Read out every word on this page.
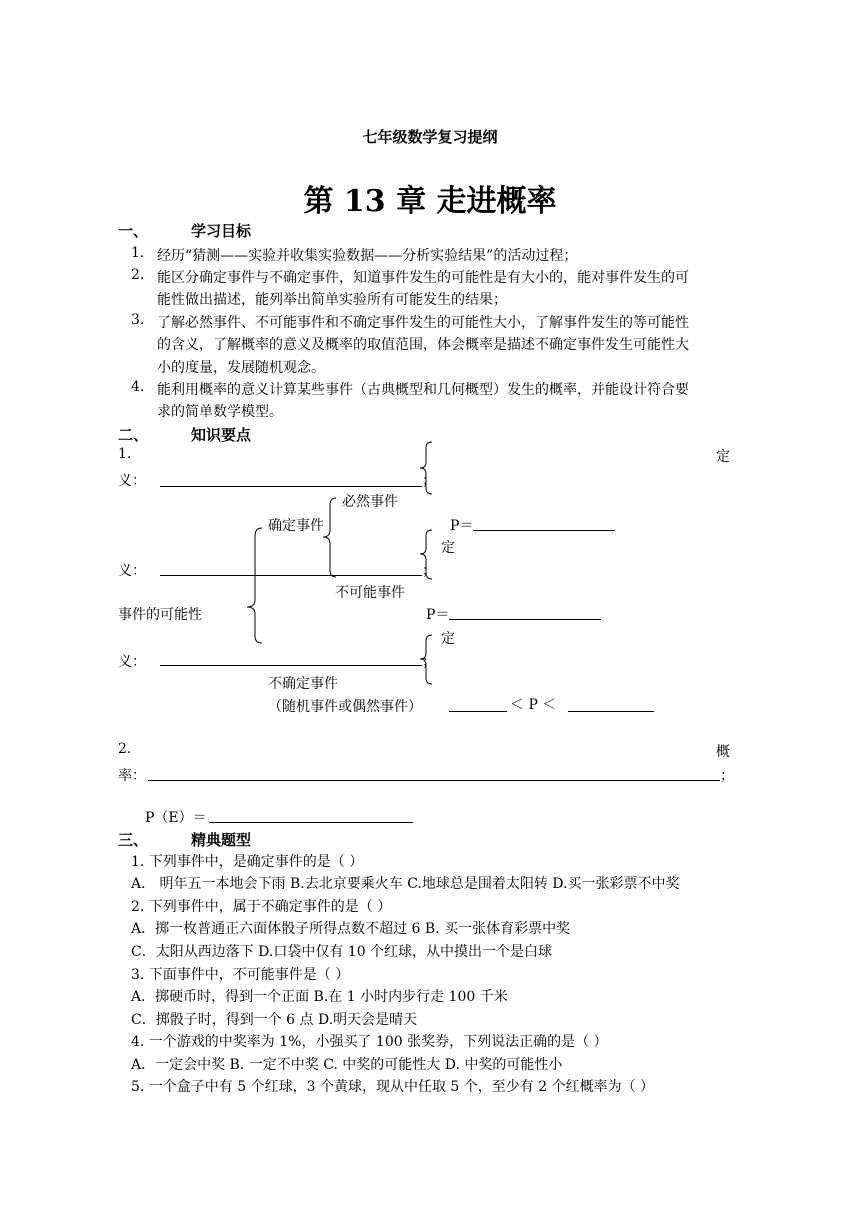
七年级数学复习提纲
第 13 章 走进概率
一、	学习目标
1. 经历“猜测——实验并收集实验数据——分析实验结果”的活动过程；
2. 能区分确定事件与不确定事件，知道事件发生的可能性是有大小的，能对事件发生的可
能性做出描述，能列举出简单实验所有可能发生的结果；
3. 了解必然事件、不可能事件和不确定事件发生的可能性大小，了解事件发生的等可能性
的含义，了解概率的意义及概率的取值范围，体会概率是描述不确定事件发生可能性大
小的度量，发展随机观念。
4. 能利用概率的意义计算某些事件（古典概型和几何概型）发生的概率，并能设计符合要
求的简单数学模型。
二、	知识要点
1.	定
义：	；
必然事件
确定事件	P＝
定
义：	；
不可能事件
事件的可能性	P＝
定
义：	；
不确定事件
（随机事件或偶然事件）	＜ P ＜
2.	概
率：	；
P（E）＝
三、	精典题型
1. 下列事件中，是确定事件的是（ ）
A． 明年五一本地会下雨 B.去北京要乘火车 C.地球总是围着太阳转 D.买一张彩票不中奖
2. 下列事件中，属于不确定事件的是（ ）
A．掷一枚普通正六面体骰子所得点数不超过 6 B. 买一张体育彩票中奖
C．太阳从西边落下 D.口袋中仅有 10 个红球，从中摸出一个是白球
3. 下面事件中，不可能事件是（ ）
A．掷硬币时，得到一个正面 B.在 1 小时内步行走 100 千米
C．掷骰子时，得到一个 6 点 D.明天会是晴天
4. 一个游戏的中奖率为 1%，小强买了 100 张奖券，下列说法正确的是（ ）
A．一定会中奖 B. 一定不中奖 C. 中奖的可能性大 D. 中奖的可能性小
5. 一个盒子中有 5 个红球，3 个黄球，现从中任取 5 个，至少有 2 个红概率为（ ）
